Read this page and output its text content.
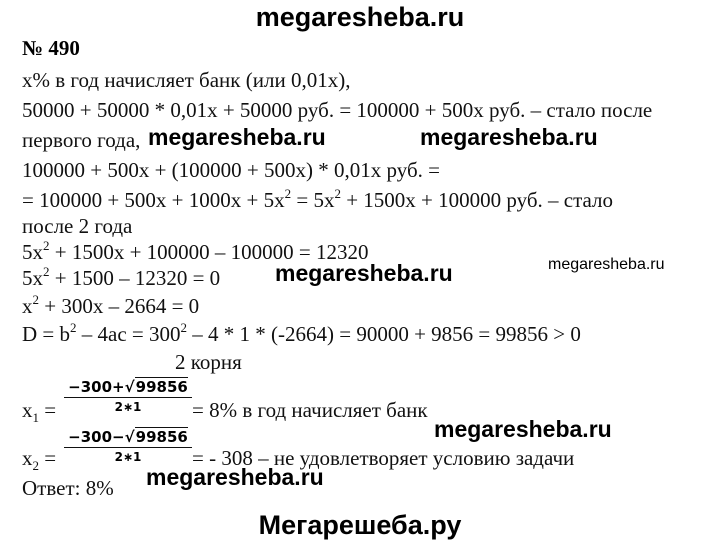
megaresheba.ru
№ 490
x% в год начисляет банк (или 0,01x),
50000 + 50000 * 0,01x + 50000 руб. = 100000 + 500x руб. – стало после
первого года, megaresheba.ru	megaresheba.ru
100000 + 500x + (100000 + 500x) * 0,01x руб. =
= $100000 + 500x + 1000x + 5x^2 = 5x^2 + 1500x + 100000$ руб. – стало
после 2 года
$5x^2 + 1500x + 100000 - 100000 = 12320$
$5x^2 + 1500 - 12320 = 0$ megaresheba.ru	megaresheba.ru
$x^2 + 300x - 2664 = 0$
$D = b^2 - 4ac = 300^2 - 4 * 1 * (-2664) = 90000 + 9856 = 99856 > 0$
2 корня
$x_1$ =
−300+√99856
2∗1	= 8% в год начисляет банк
megaresheba.ru
$x_2$ =
−300−√99856
2∗1	= - 308 – не удовлетворяет условию задачи
megaresheba.ru
Ответ: 8%
Мегарешеба.ру
